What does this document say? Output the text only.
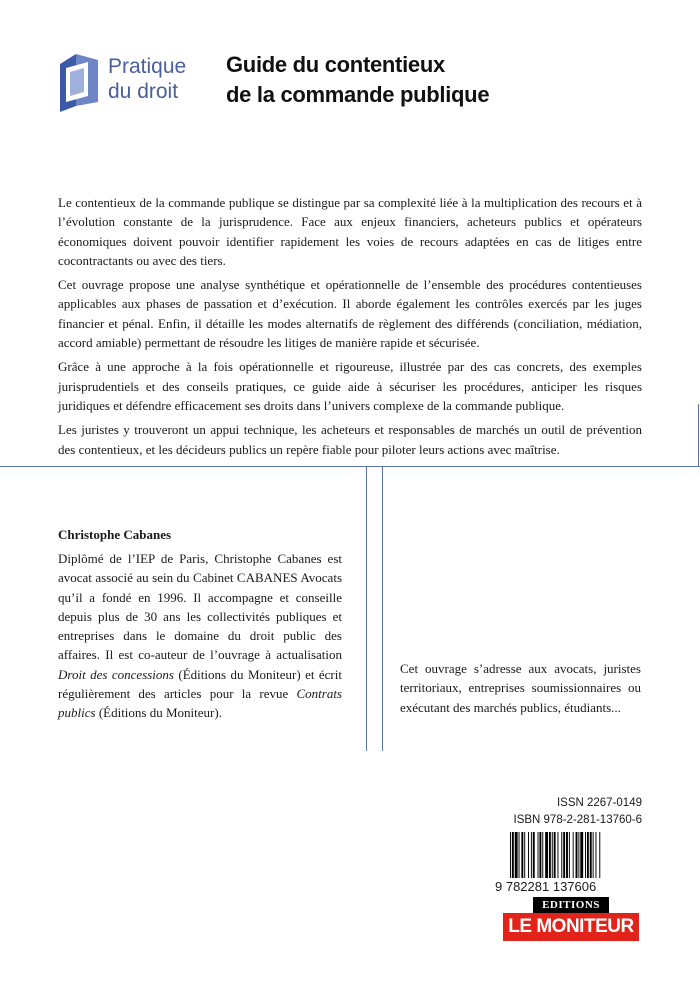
Pratique
du droit
Guide du contentieux
de la commande publique

Le contentieux de la commande publique se distingue par sa complexité liée à la multiplication des recours et à l’évolution constante de la jurisprudence. Face aux enjeux financiers, acheteurs publics et opérateurs économiques doivent pouvoir identifier rapidement les voies de recours adaptées en cas de litiges entre cocontractants ou avec des tiers.

Cet ouvrage propose une analyse synthétique et opérationnelle de l’ensemble des procédures contentieuses applicables aux phases de passation et d’exécution. Il aborde également les contrôles exercés par les juges financier et pénal. Enfin, il détaille les modes alternatifs de règlement des différends (conciliation, médiation, accord amiable) permettant de résoudre les litiges de manière rapide et sécurisée.

Grâce à une approche à la fois opérationnelle et rigoureuse, illustrée par des cas concrets, des exemples jurisprudentiels et des conseils pratiques, ce guide aide à sécuriser les procédures, anticiper les risques juridiques et défendre efficacement ses droits dans l’univers complexe de la commande publique.

Les juristes y trouveront un appui technique, les acheteurs et responsables de marchés un outil de prévention des contentieux, et les décideurs publics un repère fiable pour piloter leurs actions avec maîtrise.

Christophe Cabanes
Diplômé de l’IEP de Paris, Christophe Cabanes est avocat associé au sein du Cabinet CABANES Avocats qu’il a fondé en 1996. Il accompagne et conseille depuis plus de 30 ans les collectivités publiques et entreprises dans le domaine du droit public des affaires. Il est co-auteur de l’ouvrage à actualisation Droit des concessions (Éditions du Moniteur) et écrit régulièrement des articles pour la revue Contrats publics (Éditions du Moniteur).
Cet ouvrage s’adresse aux avocats, juristes territoriaux, entreprises soumissionnaires ou exécutant des marchés publics, étudiants...
ISSN 2267-0149
ISBN 978-2-281-13760-6
9 782281 137606
EDITIONS
LE MONITEUR
